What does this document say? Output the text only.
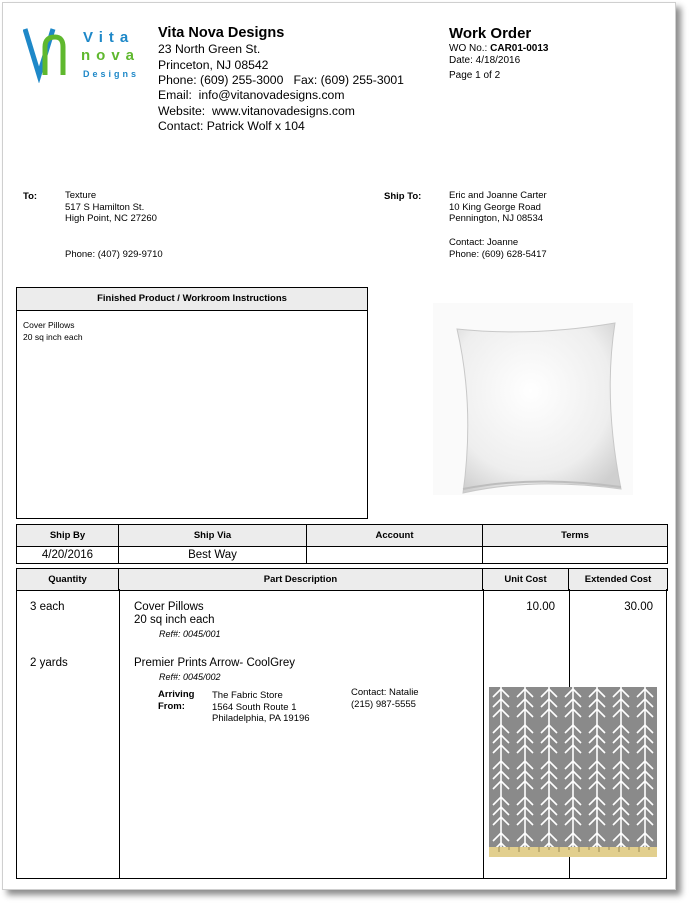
Vita
nova
Designs
Vita Nova Designs
23 North Green St.
Princeton, NJ 08542
Phone: (609) 255-3000   Fax: (609) 255-3001
Email:  info@vitanovadesigns.com
Website:  www.vitanovadesigns.com
Contact: Patrick Wolf x 104
Work Order
WO No.: CAR01-0013
Date: 4/18/2016
Page 1 of 2
To:	Texture
517 S Hamilton St.
High Point, NC 27260
Phone: (407) 929-9710
Ship To:	Eric and Joanne Carter
10 King George Road
Pennington, NJ 08534
Contact: Joanne
Phone: (609) 628-5417
Finished Product / Workroom Instructions
Cover Pillows
20 sq inch each
Ship By	Ship Via	Account	Terms
4/20/2016	Best Way		
Quantity	Part Description	Unit Cost	Extended Cost
3 each	Cover Pillows
20 sq inch each
Ref#: 0045/001
10.00	30.00
2 yards	Premier Prints Arrow- CoolGrey
Ref#: 0045/002
Arriving
From:
The Fabric Store
1564 South Route 1
Philadelphia, PA 19196
Contact: Natalie
(215) 987-5555
